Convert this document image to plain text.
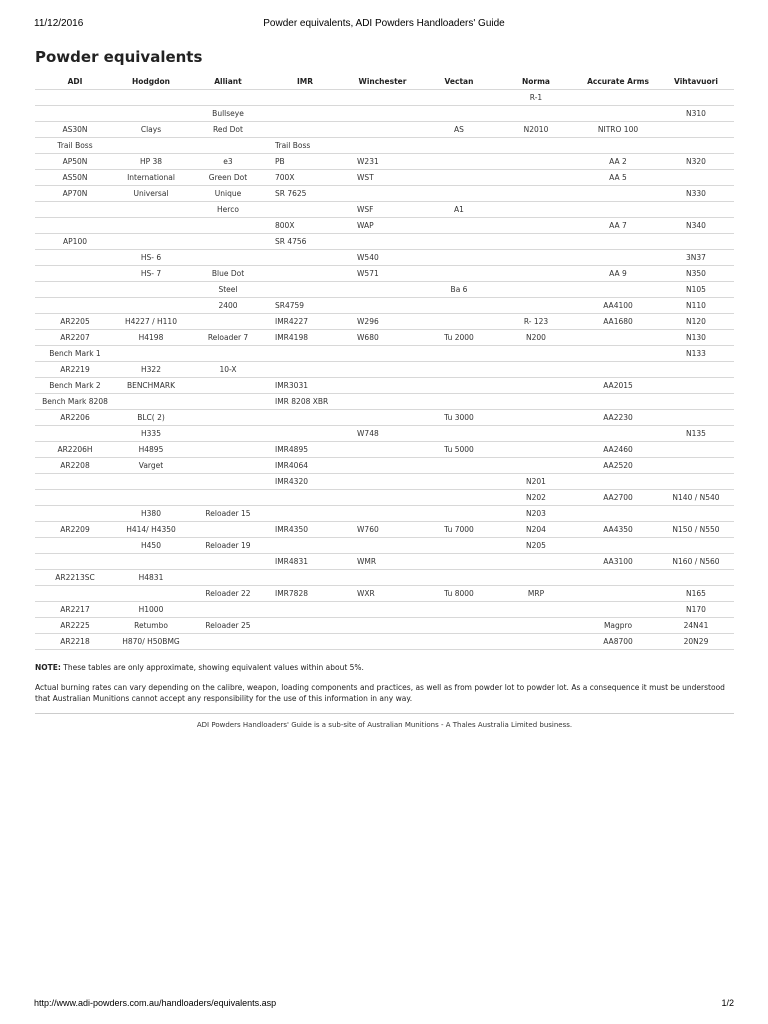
11/12/2016	Powder equivalents, ADI Powders Handloaders' Guide
Powder equivalents
ADI	Hodgdon	Alliant	IMR	Winchester	Vectan	Norma	Accurate Arms	Vihtavuori
						R-1		
		Bullseye						N310
AS30N	Clays	Red Dot			AS	N2010	NITRO 100	
Trail Boss			Trail Boss					
AP50N	HP 38	e3	PB	W231			AA 2	N320
AS50N	International	Green Dot	700X	WST			AA 5	
AP70N	Universal	Unique	SR 7625					N330
		Herco		WSF	A1			
			800X	WAP			AA 7	N340
AP100			SR 4756					
	HS- 6			W540				3N37
	HS- 7	Blue Dot		W571			AA 9	N350
		Steel			Ba 6			N105
		2400	SR4759				AA4100	N110
AR2205	H4227 / H110		IMR4227	W296		R- 123	AA1680	N120
AR2207	H4198	Reloader 7	IMR4198	W680	Tu 2000	N200		N130
Bench Mark 1								N133
AR2219	H322	10-X						
Bench Mark 2	BENCHMARK		IMR3031				AA2015	
Bench Mark 8208			IMR 8208 XBR					
AR2206	BLC( 2)				Tu 3000		AA2230	
	H335			W748				N135
AR2206H	H4895		IMR4895		Tu 5000		AA2460	
AR2208	Varget		IMR4064				AA2520	
			IMR4320			N201		
						N202	AA2700	N140 / N540
	H380	Reloader 15				N203		
AR2209	H414/ H4350		IMR4350	W760	Tu 7000	N204	AA4350	N150 / N550
	H450	Reloader 19				N205		
			IMR4831	WMR			AA3100	N160 / N560
AR2213SC	H4831							
		Reloader 22	IMR7828	WXR	Tu 8000	MRP		N165
AR2217	H1000							N170
AR2225	Retumbo	Reloader 25					Magpro	24N41
AR2218	H870/ H50BMG						AA8700	20N29
NOTE: These tables are only approximate, showing equivalent values within about 5%.
Actual burning rates can vary depending on the calibre, weapon, loading components and practices, as well as from powder lot to powder lot. As a consequence it must be understood that Australian Munitions cannot accept any responsibility for the use of this information in any way.
ADI Powders Handloaders' Guide is a sub-site of Australian Munitions - A Thales Australia Limited business.
http://www.adi-powders.com.au/handloaders/equivalents.asp	1/2
